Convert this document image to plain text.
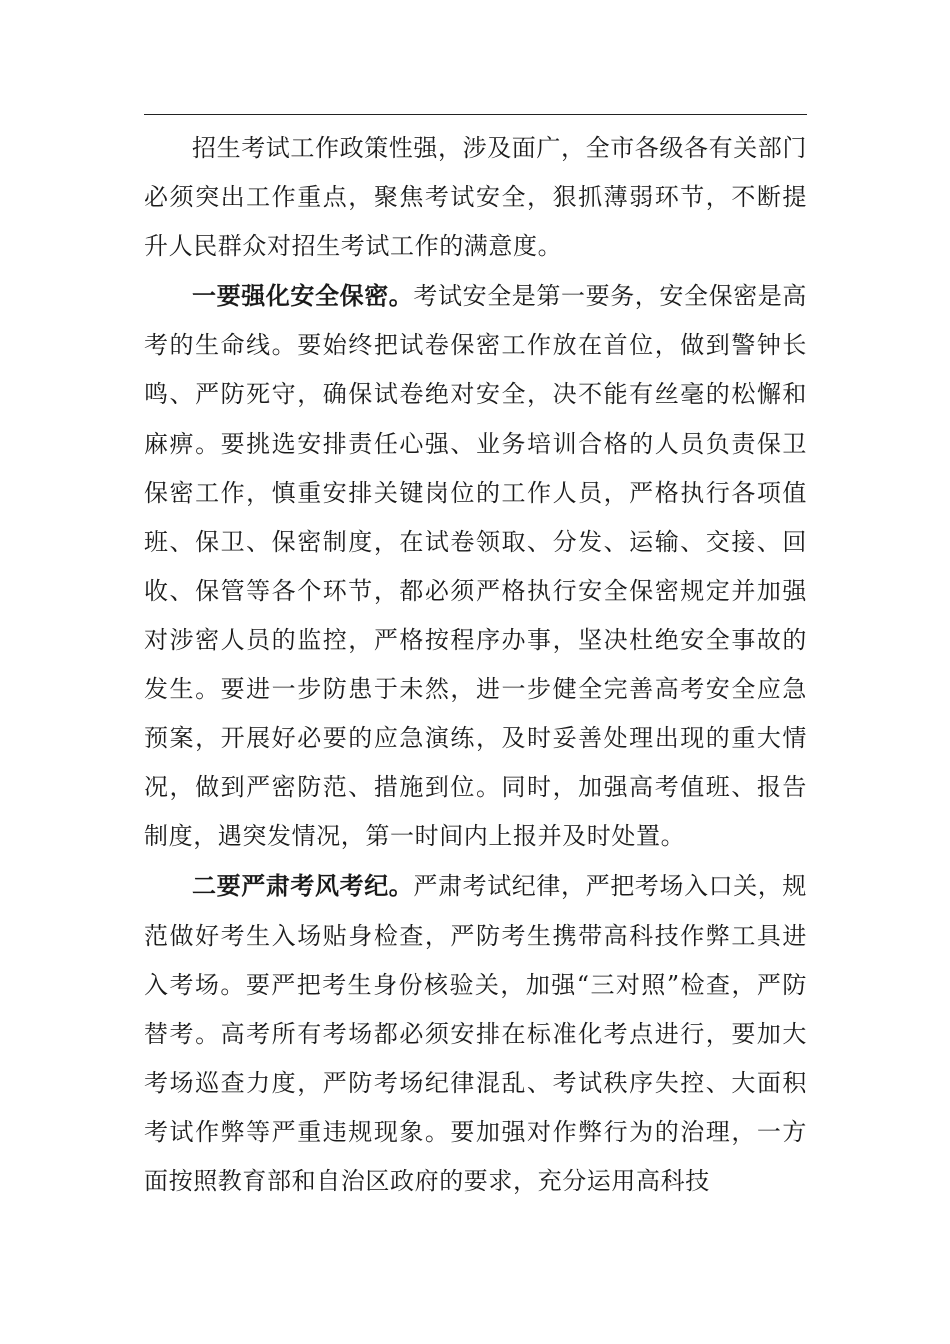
招生考试工作政策性强，涉及面广，全市各级各有关部门必须突出工作重点，聚焦考试安全，狠抓薄弱环节，不断提升人民群众对招生考试工作的满意度。

一要强化安全保密。考试安全是第一要务，安全保密是高考的生命线。要始终把试卷保密工作放在首位，做到警钟长鸣、严防死守，确保试卷绝对安全，决不能有丝毫的松懈和麻痹。要挑选安排责任心强、业务培训合格的人员负责保卫保密工作，慎重安排关键岗位的工作人员，严格执行各项值班、保卫、保密制度，在试卷领取、分发、运输、交接、回收、保管等各个环节，都必须严格执行安全保密规定并加强对涉密人员的监控，严格按程序办事，坚决杜绝安全事故的发生。要进一步防患于未然，进一步健全完善高考安全应急预案，开展好必要的应急演练，及时妥善处理出现的重大情况，做到严密防范、措施到位。同时，加强高考值班、报告制度，遇突发情况，第一时间内上报并及时处置。

二要严肃考风考纪。严肃考试纪律，严把考场入口关，规范做好考生入场贴身检查，严防考生携带高科技作弊工具进入考场。要严把考生身份核验关，加强“三对照”检查，严防替考。高考所有考场都必须安排在标准化考点进行，要加大考场巡查力度，严防考场纪律混乱、考试秩序失控、大面积考试作弊等严重违规现象。要加强对作弊行为的治理，一方面按照教育部和自治区政府的要求，充分运用高科技
